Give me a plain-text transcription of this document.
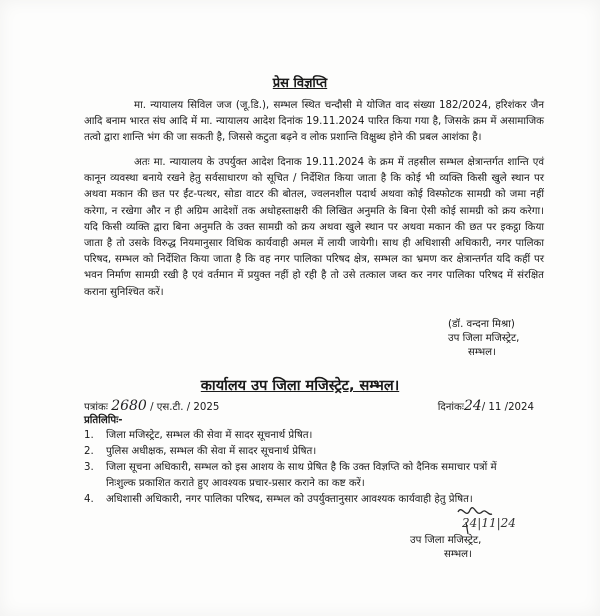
प्रेस विज्ञप्ति
मा. न्यायालय सिविल जज (जू.डि.), सम्भल स्थित चन्दौसी मे योजित वाद संख्या 182/2024, हरिशंकर जैन आदि बनाम भारत संघ आदि में मा. न्यायालय आदेश दिनांक 19.11.2024 पारित किया गया है, जिसके क्रम में असामाजिक तत्वो द्वारा शान्ति भंग की जा सकती है, जिससे कटुता बढ़ने व लोक प्रशान्ति विक्षुब्ध होने की प्रबल आशंका है।
अतः मा. न्यायालय के उपर्युक्त आदेश दिनाक 19.11.2024 के क्रम में तहसील सम्भल क्षेत्रान्तर्गत शान्ति एवं कानून व्यवस्था बनाये रखने हेतु सर्वसाधारण को सूचित / निर्देशित किया जाता है कि कोई भी व्यक्ति किसी खुले स्थान पर अथवा मकान की छत पर ईंट-पत्थर, सोडा वाटर की बोतल, ज्वलनशील पदार्थ अथवा कोई विस्फोटक सामग्री को जमा नहीं करेगा, न रखेगा और न ही अग्रिम आदेशों तक अधोहस्ताक्षरी की लिखित अनुमति के बिना ऐसी कोई सामग्री को क्रय करेगा। यदि किसी व्यक्ति द्वारा बिना अनुमति के उक्त सामग्री को क्रय अथवा खुले स्थान पर अथवा मकान की छत पर इकट्ठा किया जाता है तो उसके विरुद्ध नियमानुसार विधिक कार्यवाही अमल में लायी जायेगी। साथ ही अधिशासी अधिकारी, नगर पालिका परिषद, सम्भल को निर्देशित किया जाता है कि वह नगर पालिका परिषद क्षेत्र, सम्भल का भ्रमण कर क्षेत्रान्तर्गत यदि कहीं पर भवन निर्माण सामग्री रखी है एवं वर्तमान में प्रयुक्त नहीं हो रही है तो उसे तत्काल जब्त कर नगर पालिका परिषद में संरक्षित कराना सुनिश्चित करें।
(डॉ. वन्दना मिश्रा)
उप जिला मजिस्ट्रेट,
सम्भल।
कार्यालय उप जिला मजिस्ट्रेट, सम्भल।
पत्रांकः 2680 / एस.टी. / 2025	दिनांकः24/ 11 /2024
प्रतिलिपिः-
1.	जिला मजिस्ट्रेट, सम्भल की सेवा में सादर सूचनार्थ प्रेषित।
2.	पुलिस अधीक्षक, सम्भल की सेवा में सादर सूचनार्थ प्रेषित।
3.	जिला सूचना अधिकारी, सम्भल को इस आशय के साथ प्रेषित है कि उक्त विज्ञप्ति को दैनिक समाचार पत्रों में निःशुल्क प्रकाशित कराते हुए आवश्यक प्रचार-प्रसार कराने का कष्ट करें।
4.	अधिशासी अधिकारी, नगर पालिका परिषद, सम्भल को उपर्युक्तानुसार आवश्यक कार्यवाही हेतु प्रेषित।
24|11|24
उप जिला मजिस्ट्रेट,
सम्भल।
